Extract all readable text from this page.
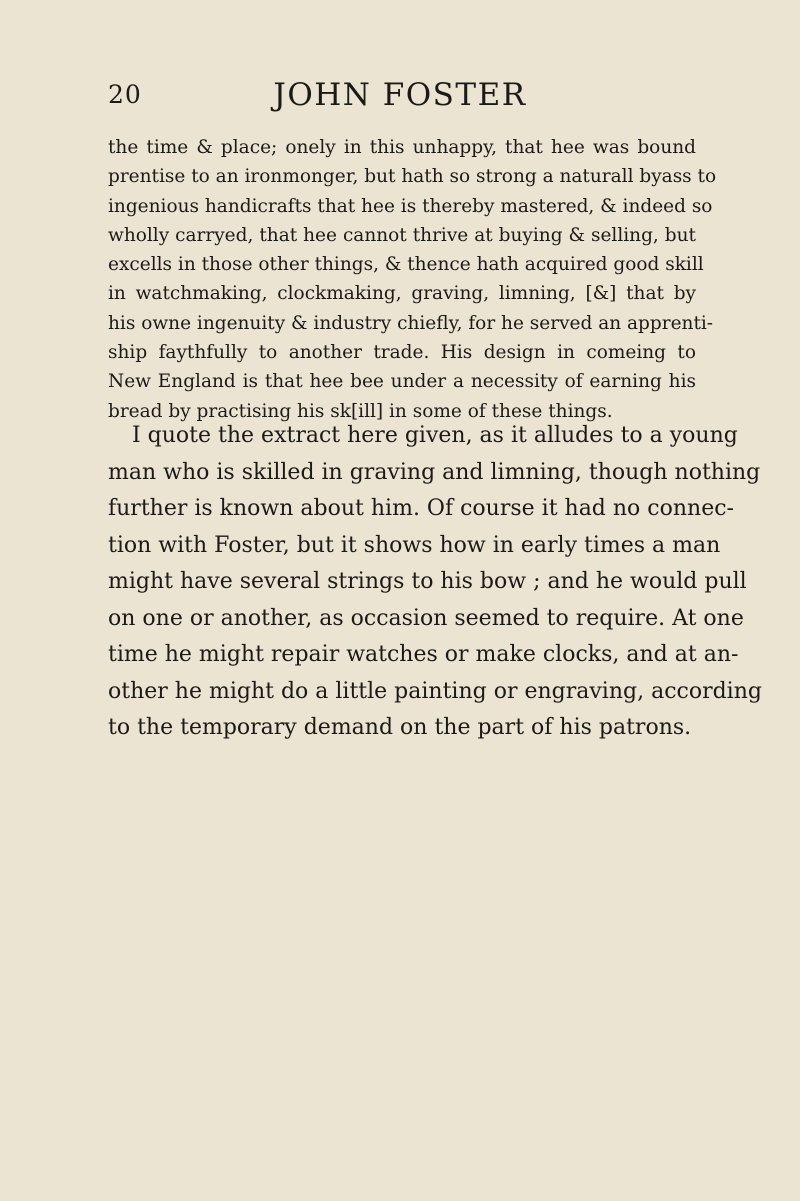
20	JOHN FOSTER
the time & place; onely in this unhappy, that hee was bound
prentise to an ironmonger, but hath so strong a naturall byass to
ingenious handicrafts that hee is thereby mastered, & indeed so
wholly carryed, that hee cannot thrive at buying & selling, but
excells in those other things, & thence hath acquired good skill
in watchmaking, clockmaking, graving, limning, [&] that by
his owne ingenuity & industry chiefly, for he served an apprenti-
ship faythfully to another trade. His design in comeing to
New England is that hee bee under a necessity of earning his
bread by practising his sk[ill] in some of these things.
I quote the extract here given, as it alludes to a young
man who is skilled in graving and limning, though nothing
further is known about him. Of course it had no connec-
tion with Foster, but it shows how in early times a man
might have several strings to his bow ; and he would pull
on one or another, as occasion seemed to require. At one
time he might repair watches or make clocks, and at an-
other he might do a little painting or engraving, according
to the temporary demand on the part of his patrons.
